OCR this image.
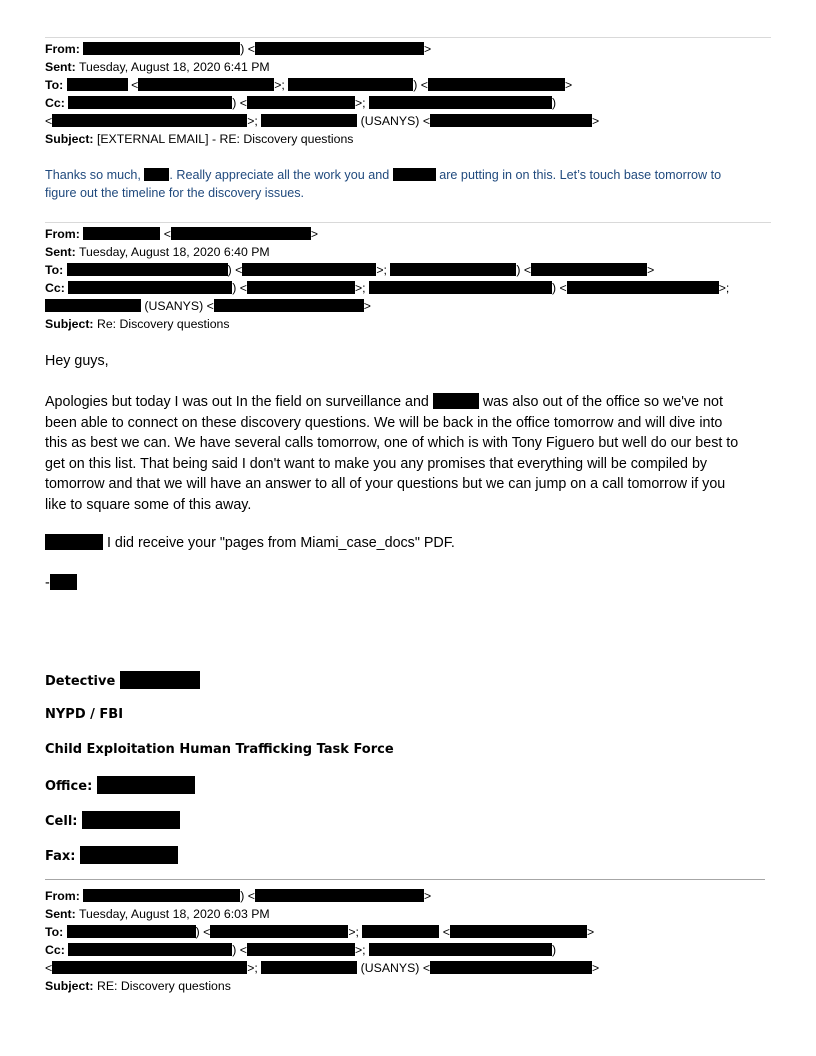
From:	) <	>
Sent: Tuesday, August 18, 2020 6:41 PM
To:	<	>;	) <	>
Cc:	) <	>;	)
<	>;	(USANYS) <	>
Subject: [EXTERNAL EMAIL] - RE: Discovery questions
Thanks so much, . Really appreciate all the work you and	are putting in on this. Let’s touch base tomorrow to
figure out the timeline for the discovery issues.
From:	<	>
Sent: Tuesday, August 18, 2020 6:40 PM
To:	) <	>;	) <	>
Cc:	) <	>;	) <	>;
(USANYS) <	>
Subject: Re: Discovery questions
Hey guys,
Apologies but today I was out In the field on surveillance and	was also out of the office so we've not
been able to connect on these discovery questions. We will be back in the office tomorrow and will dive into
this as best we can. We have several calls tomorrow, one of which is with Tony Figuero but well do our best to
get on this list. That being said I don't want to make you any promises that everything will be compiled by
tomorrow and that we will have an answer to all of your questions but we can jump on a call tomorrow if you
like to square some of this away.
I did receive your "pages from Miami_case_docs" PDF.
-
Detective
NYPD / FBI
Child Exploitation Human Trafficking Task Force
Office:
Cell:
Fax:
From:	) <	>
Sent: Tuesday, August 18, 2020 6:03 PM
To:	) <	>;	<	>
Cc:	) <	>;	)
<	>;	(USANYS) <	>
Subject: RE: Discovery questions
